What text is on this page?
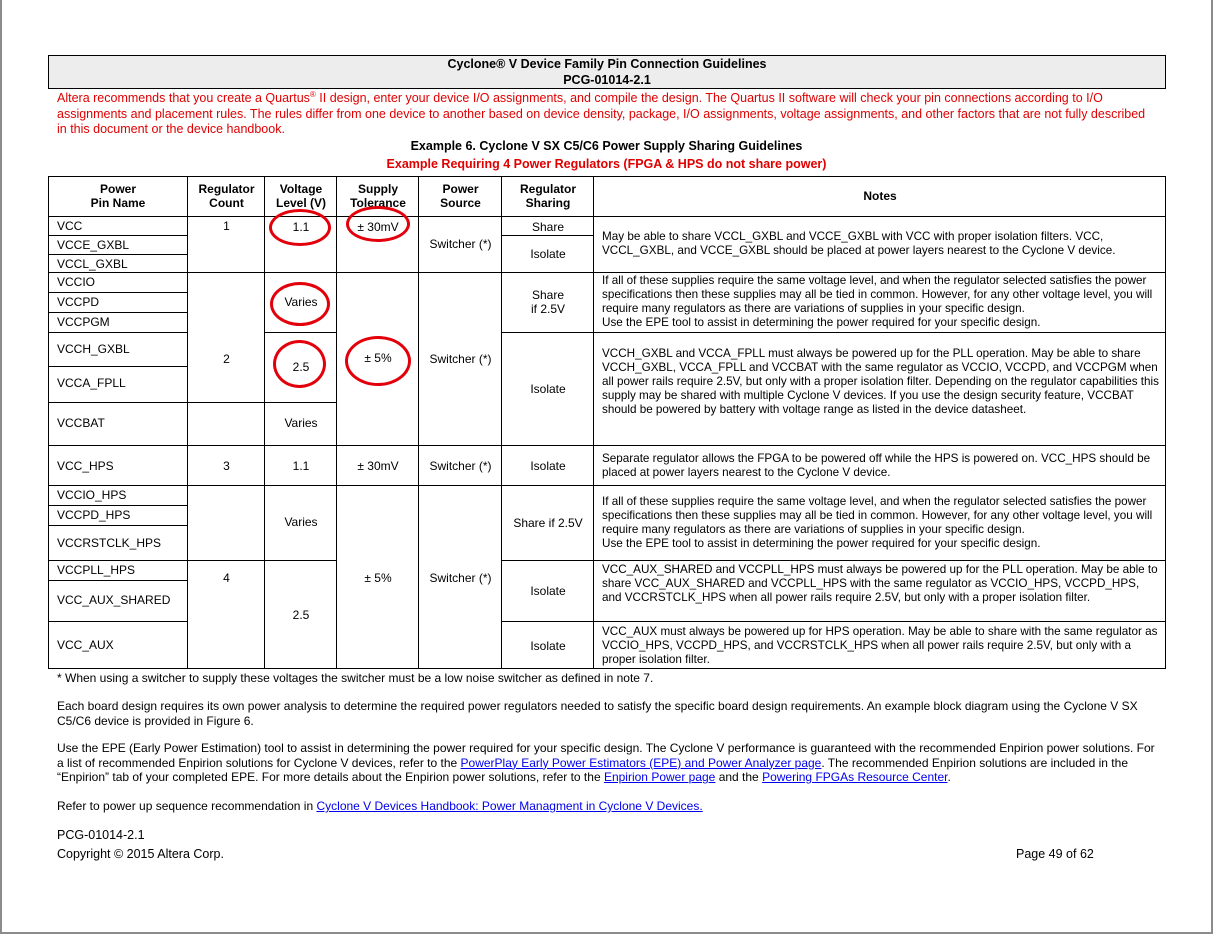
Cyclone® V Device Family Pin Connection Guidelines
PCG-01014-2.1
Altera recommends that you create a Quartus® II design, enter your device I/O assignments, and compile the design. The Quartus II software will check your pin connections according to I/O assignments and placement rules. The rules differ from one device to another based on device density, package, I/O assignments, voltage assignments, and other factors that are not fully described in this document or the device handbook.
Example 6. Cyclone V SX C5/C6 Power Supply Sharing Guidelines
Example Requiring 4 Power Regulators (FPGA & HPS do not share power)
Power
Pin Name
Regulator
Count
Voltage
Level (V)
Supply
Tolerance
Power
Source
Regulator
Sharing	Notes
VCC
VCCE_GXBL
VCCL_GXBL
VCCIO
VCCPD
VCCPGM
VCCH_GXBL
VCCA_FPLL
VCCBAT
VCC_HPS
VCCIO_HPS
VCCPD_HPS
VCCRSTCLK_HPS
VCCPLL_HPS
VCC_AUX_SHARED
VCC_AUX
1
2
3
4
1.1
Varies
2.5
Varies
1.1
Varies
2.5
± 30mV
± 5%
± 30mV
± 5%
Switcher (*)
Switcher (*)
Switcher (*)
Switcher (*)
Share
Isolate
Share
if 2.5V
Isolate
Isolate
Share if 2.5V
Isolate
Isolate
May be able to share VCCL_GXBL and VCCE_GXBL with VCC with proper isolation filters. VCC, VCCL_GXBL, and VCCE_GXBL should be placed at power layers nearest to the Cyclone V device.
If all of these supplies require the same voltage level, and when the regulator selected satisfies the power specifications then these supplies may all be tied in common. However, for any other voltage level, you will require many regulators as there are variations of supplies in your specific design.
Use the EPE tool to assist in determining the power required for your specific design.
VCCH_GXBL and VCCA_FPLL must always be powered up for the PLL operation. May be able to share VCCH_GXBL, VCCA_FPLL and VCCBAT with the same regulator as VCCIO, VCCPD, and VCCPGM when all power rails require 2.5V, but only with a proper isolation filter. Depending on the regulator capabilities this supply may be shared with multiple Cyclone V devices. If you use the design security feature, VCCBAT should be powered by battery with voltage range as listed in the device datasheet.
Separate regulator allows the FPGA to be powered off while the HPS is powered on. VCC_HPS should be placed at power layers nearest to the Cyclone V device.
If all of these supplies require the same voltage level, and when the regulator selected satisfies the power specifications then these supplies may all be tied in common. However, for any other voltage level, you will require many regulators as there are variations of supplies in your specific design.
Use the EPE tool to assist in determining the power required for your specific design.
VCC_AUX_SHARED and VCCPLL_HPS must always be powered up for the PLL operation. May be able to share VCC_AUX_SHARED and VCCPLL_HPS with the same regulator as VCCIO_HPS, VCCPD_HPS, and VCCRSTCLK_HPS when all power rails require 2.5V, but only with a proper isolation filter.
VCC_AUX must always be powered up for HPS operation. May be able to share with the same regulator as VCCIO_HPS, VCCPD_HPS, and VCCRSTCLK_HPS when all power rails require 2.5V, but only with a proper isolation filter.
* When using a switcher to supply these voltages the switcher must be a low noise switcher as defined in note 7.
Each board design requires its own power analysis to determine the required power regulators needed to satisfy the specific board design requirements. An example block diagram using the Cyclone V SX C5/C6 device is provided in Figure 6.
Use the EPE (Early Power Estimation) tool to assist in determining the power required for your specific design. The Cyclone V performance is guaranteed with the recommended Enpirion power solutions. For a list of recommended Enpirion solutions for Cyclone V devices, refer to the PowerPlay Early Power Estimators (EPE) and Power Analyzer page. The recommended Enpirion solutions are included in the “Enpirion” tab of your completed EPE. For more details about the Enpirion power solutions, refer to the Enpirion Power page and the Powering FPGAs Resource Center.
Refer to power up sequence recommendation in Cyclone V Devices Handbook: Power Managment in Cyclone V Devices.
PCG-01014-2.1
Copyright © 2015 Altera Corp.	Page 49 of 62
